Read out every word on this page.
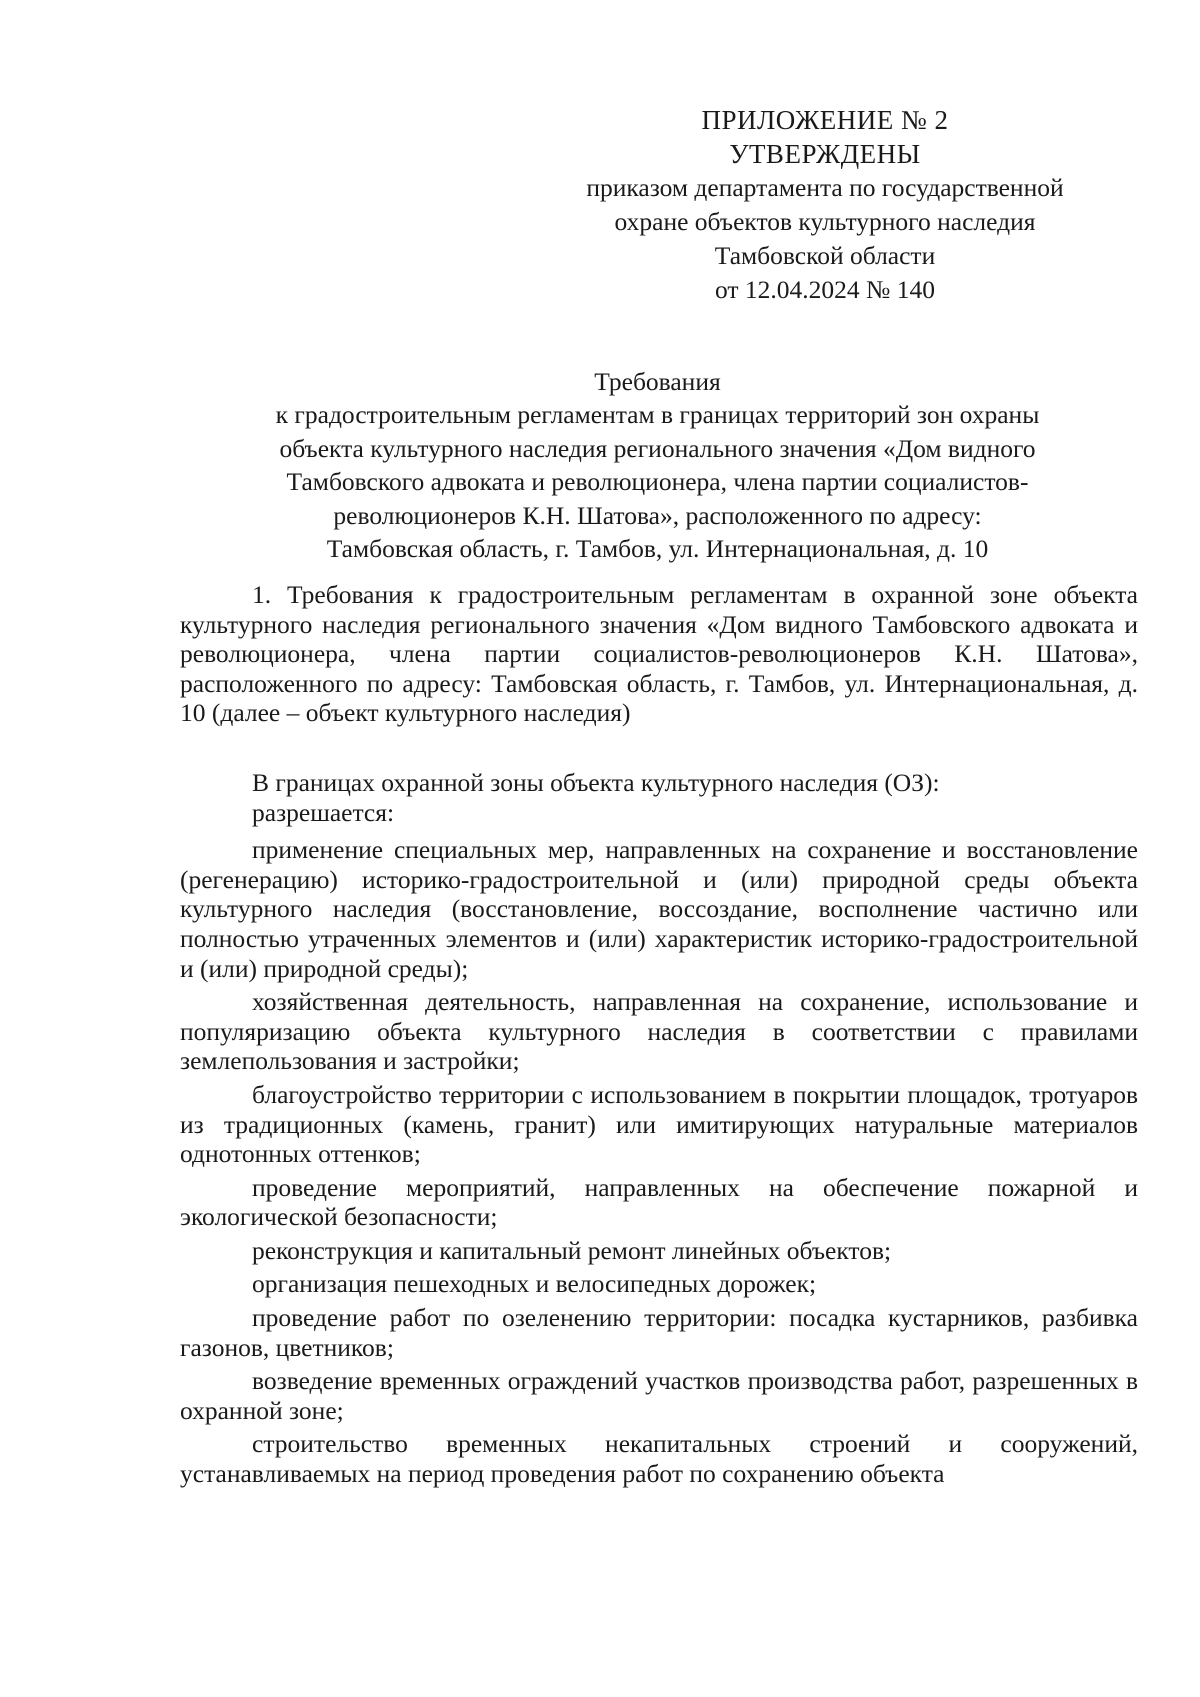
ПРИЛОЖЕНИЕ № 2
УТВЕРЖДЕНЫ
приказом департамента по государственной
охране объектов культурного наследия
Тамбовской области
от 12.04.2024 № 140
Требования
к градостроительным регламентам в границах территорий зон охраны
объекта культурного наследия регионального значения «Дом видного
Тамбовского адвоката и революционера, члена партии социалистов-
революционеров К.Н. Шатова», расположенного по адресу:
Тамбовская область, г. Тамбов, ул. Интернациональная, д. 10

1. Требования к градостроительным регламентам в охранной зоне объекта культурного наследия регионального значения «Дом видного Тамбовского адвоката и революционера, члена партии социалистов-революционеров К.Н. Шатова», расположенного по адресу: Тамбовская область, г. Тамбов, ул. Интернациональная, д. 10 (далее – объект культурного наследия)

В границах охранной зоны объекта культурного наследия (ОЗ):

разрешается:

применение специальных мер, направленных на сохранение и восстановление (регенерацию) историко-градостроительной и (или) природной среды объекта культурного наследия (восстановление, воссоздание, восполнение частично или полностью утраченных элементов и (или) характеристик историко-градостроительной и (или) природной среды);

хозяйственная деятельность, направленная на сохранение, использование и популяризацию объекта культурного наследия в соответствии с правилами землепользования и застройки;

благоустройство территории с использованием в покрытии площадок, тротуаров из традиционных (камень, гранит) или имитирующих натуральные материалов однотонных оттенков;

проведение мероприятий, направленных на обеспечение пожарной и экологической безопасности;

реконструкция и капитальный ремонт линейных объектов;

организация пешеходных и велосипедных дорожек;

проведение работ по озеленению территории: посадка кустарников, разбивка газонов, цветников;

возведение временных ограждений участков производства работ, разрешенных в охранной зоне;

строительство временных некапитальных строений и сооружений, устанавливаемых на период проведения работ по сохранению объекта
